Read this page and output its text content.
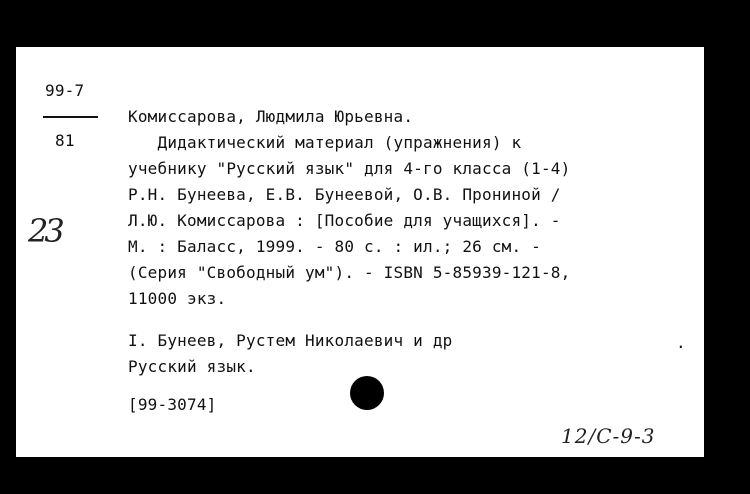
99-7

81

Комиссарова, Людмила Юрьевна.

Дидактический материал (упражнения) к

учебнику "Русский язык" для 4-го класса (1-4)

Р.Н. Бунеева, Е.В. Бунеевой, О.В. Прониной /

Л.Ю. Комиссарова : [Пособие для учащихся]. -

М. : Баласс, 1999. - 80 с. : ил.; 26 см. -

(Серия "Свободный ум"). - ISBN 5-85939-121-8,

11000 экз.

I. Бунеев, Рустем Николаевич и др	.

Русский язык.

[99-3074]

23
12/C-9-3
